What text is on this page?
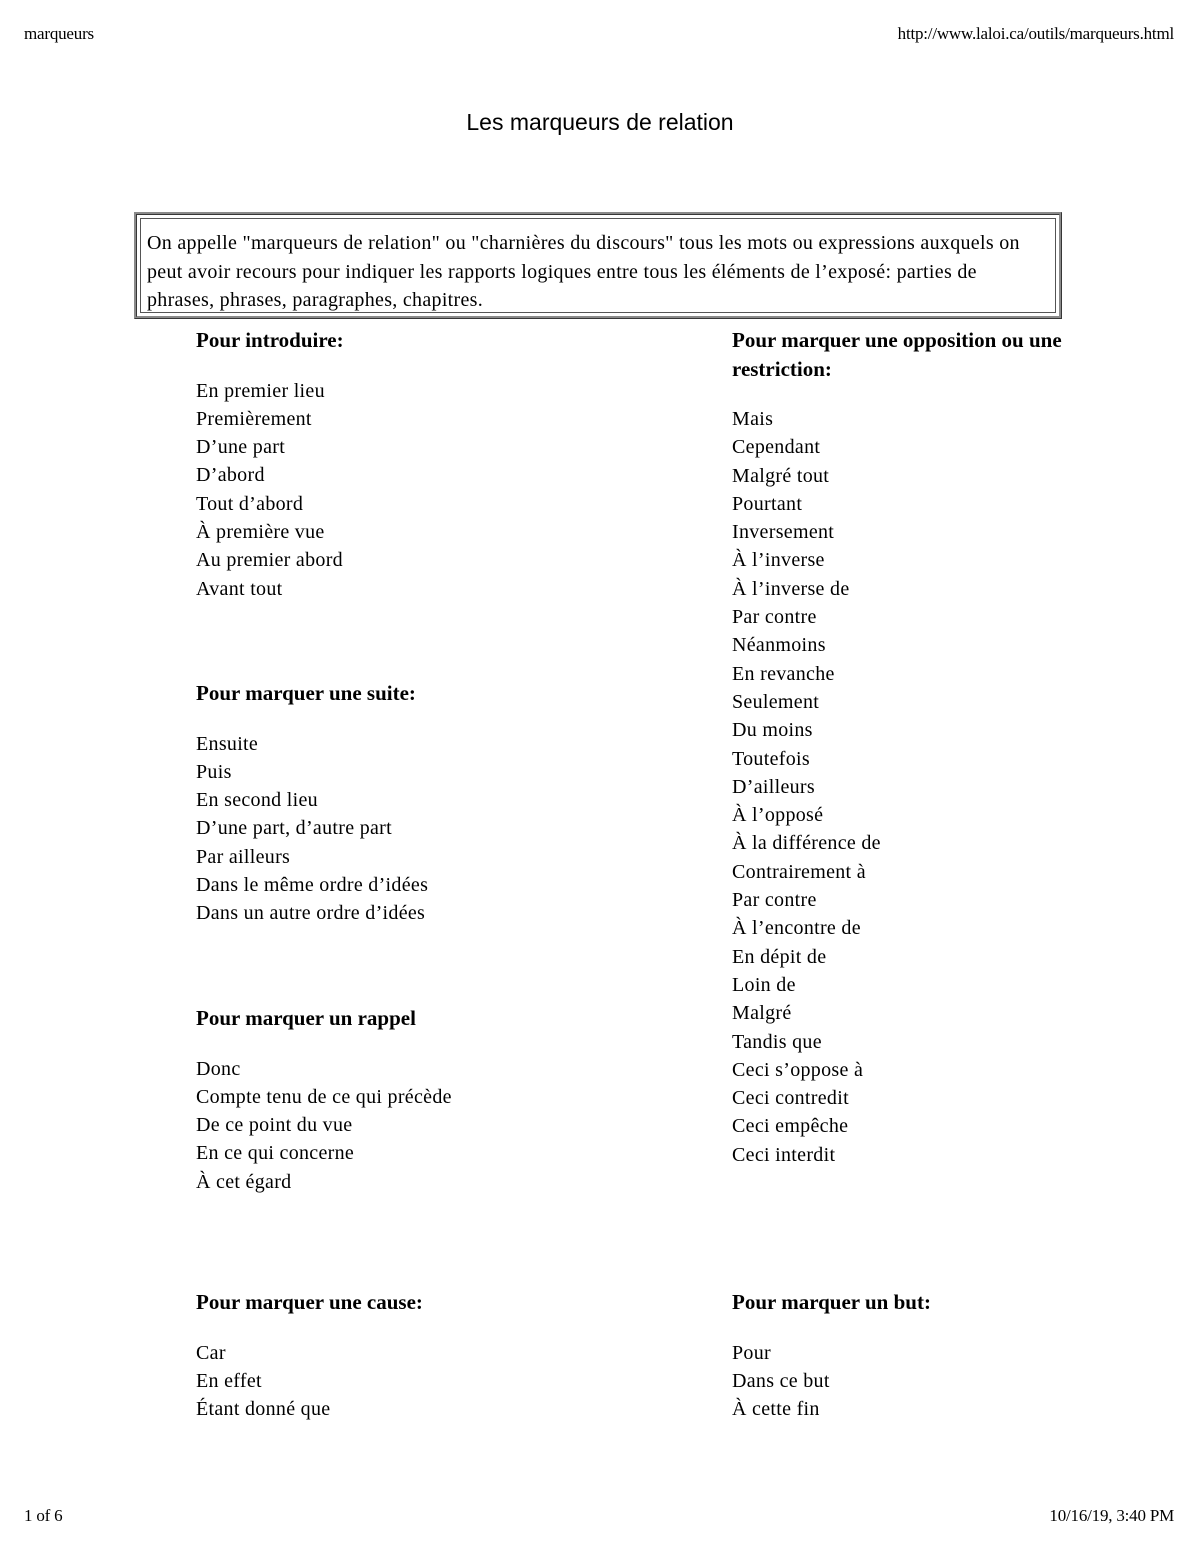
marqueurs	http://www.laloi.ca/outils/marqueurs.html
Les marqueurs de relation
On appelle "marqueurs de relation" ou "charnières du discours" tous les mots ou expressions auxquels on peut avoir recours pour indiquer les rapports logiques entre tous les éléments de l’exposé: parties de phrases, phrases, paragraphes, chapitres.
Pour introduire:
En premier lieu
Premièrement
D’une part
D’abord
Tout d’abord
À première vue
Au premier abord
Avant tout
Pour marquer une suite:
Ensuite
Puis
En second lieu
D’une part, d’autre part
Par ailleurs
Dans le même ordre d’idées
Dans un autre ordre d’idées
Pour marquer un rappel
Donc
Compte tenu de ce qui précède
De ce point du vue
En ce qui concerne
À cet égard
Pour marquer une cause:
Car
En effet
Étant donné que
Pour marquer une opposition ou une restriction:
Mais
Cependant
Malgré tout
Pourtant
Inversement
À l’inverse
À l’inverse de
Par contre
Néanmoins
En revanche
Seulement
Du moins
Toutefois
D’ailleurs
À l’opposé
À la différence de
Contrairement à
Par contre
À l’encontre de
En dépit de
Loin de
Malgré
Tandis que
Ceci s’oppose à
Ceci contredit
Ceci empêche
Ceci interdit
Pour marquer un but:
Pour
Dans ce but
À cette fin
1 of 6	10/16/19, 3:40 PM
